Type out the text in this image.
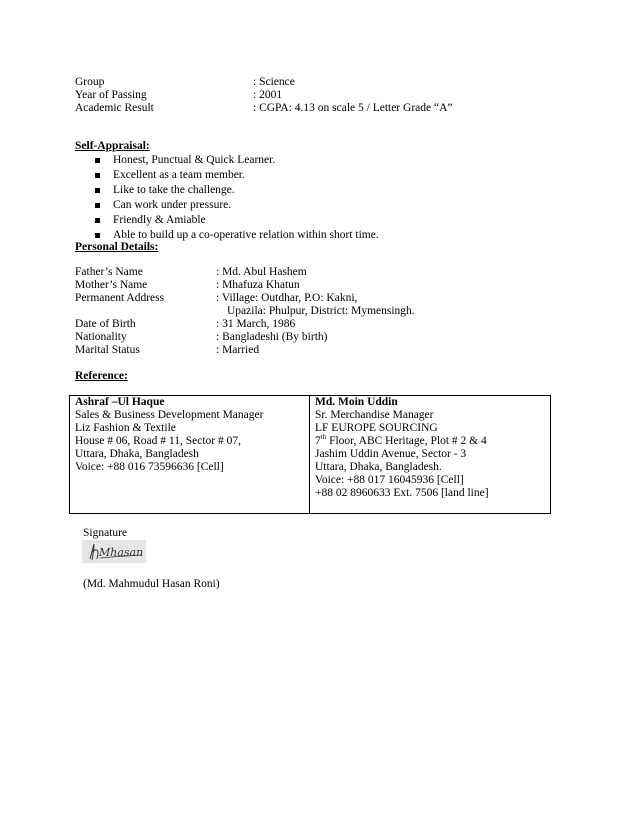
Group	: Science
Year of Passing	: 2001
Academic Result	: CGPA: 4.13 on scale 5 / Letter Grade “A”
Self-Appraisal:
Honest, Punctual & Quick Learner.
Excellent as a team member.
Like to take the challenge.
Can work under pressure.
Friendly & Amiable
Able to build up a co-operative relation within short time.
Personal Details:
Father’s Name	: Md. Abul Hashem
Mother’s Name	: Mhafuza Khatun
Permanent Address	: Village: Outdhar, P.O: Kakni,
Upazila: Phulpur, District: Mymensingh.
Date of Birth	: 31 March, 1986
Nationality	: Bangladeshi (By birth)
Marital Status	: Married
Reference:
Ashraf –Ul Haque
Sales & Business Development Manager
Liz Fashion & Textile
House # 06, Road # 11, Sector # 07,
Uttara, Dhaka, Bangladesh
Voice: +88 016 73596636 [Cell]
Md. Moin Uddin
Sr. Merchandise Manager
LF EUROPE SOURCING
7th Floor, ABC Heritage, Plot # 2 & 4
Jashim Uddin Avenue, Sector - 3
Uttara, Dhaka, Bangladesh.
Voice: +88 017 16045936 [Cell]
+88 02 8960633 Ext. 7506 [land line]
Signature
Mhasan
(Md. Mahmudul Hasan Roni)
